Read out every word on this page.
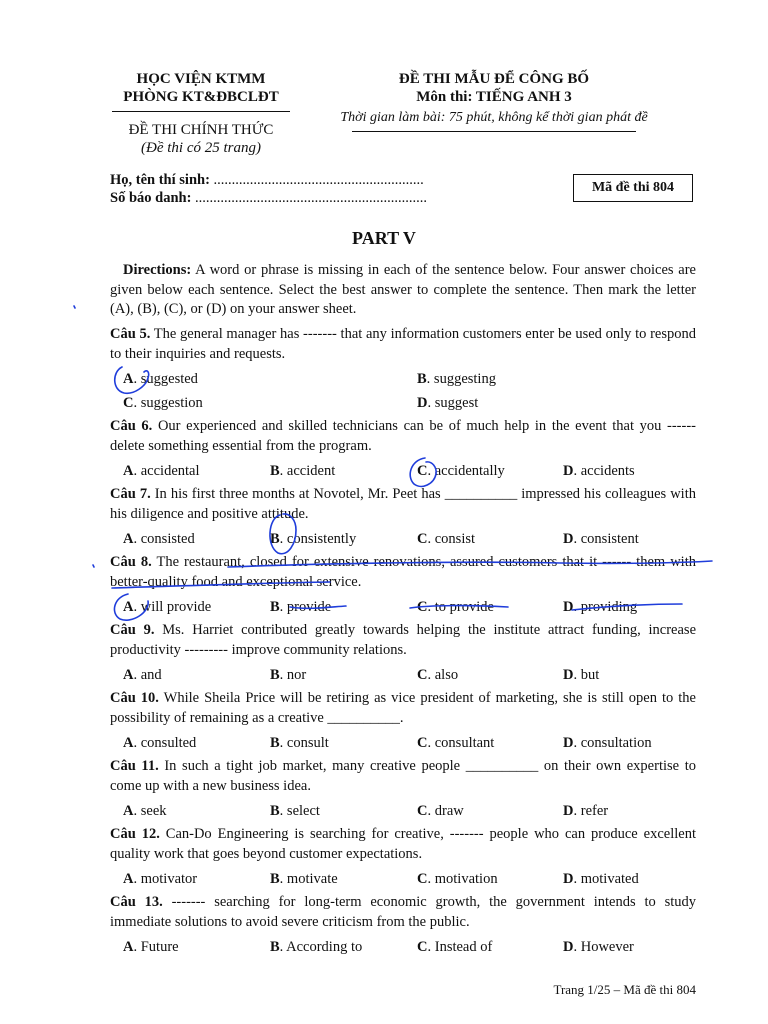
HỌC VIỆN KTMM
PHÒNG KT&ĐBCLĐT
ĐỀ THI CHÍNH THỨC
(Đề thi có 25 trang)
ĐỀ THI MẪU ĐỂ CÔNG BỐ
Môn thi: TIẾNG ANH 3
Thời gian làm bài: 75 phút, không kể thời gian phát đề
Họ, tên thí sinh: ..........................................................
Số báo danh: ................................................................
Mã đề thi 804
PART V
Directions: A word or phrase is missing in each of the sentence below. Four answer choices are given below each sentence. Select the best answer to complete the sentence. Then mark the letter (A), (B), (C), or (D) on your answer sheet.
Câu 5. The general manager has ------- that any information customers enter be used only to respond to their inquiries and requests.
A. suggested	B. suggesting
C. suggestion	D. suggest
Câu 6. Our experienced and skilled technicians can be of much help in the event that you ------ delete something essential from the program.
A. accidental	B. accident	C. accidentally	D. accidents
Câu 7. In his first three months at Novotel, Mr. Peet has __________ impressed his colleagues with his diligence and positive attitude.
A. consisted	B. consistently	C. consist	D. consistent
Câu 8. The restaurant, closed for extensive renovations, assured customers that it ------ them with better-quality food and exceptional service.
A. will provide	B. provide	C. to provide	D. providing
Câu 9. Ms. Harriet contributed greatly towards helping the institute attract funding, increase productivity --------- improve community relations.
A. and	B. nor	C. also	D. but
Câu 10. While Sheila Price will be retiring as vice president of marketing, she is still open to the possibility of remaining as a creative __________.
A. consulted	B. consult	C. consultant	D. consultation
Câu 11. In such a tight job market, many creative people __________ on their own expertise to come up with a new business idea.
A. seek	B. select	C. draw	D. refer
Câu 12. Can-Do Engineering is searching for creative, ------- people who can produce excellent quality work that goes beyond customer expectations.
A. motivator	B. motivate	C. motivation	D. motivated
Câu 13. ------- searching for long-term economic growth, the government intends to study immediate solutions to avoid severe criticism from the public.
A. Future	B. According to	C. Instead of	D. However
Trang 1/25 – Mã đề thi 804
